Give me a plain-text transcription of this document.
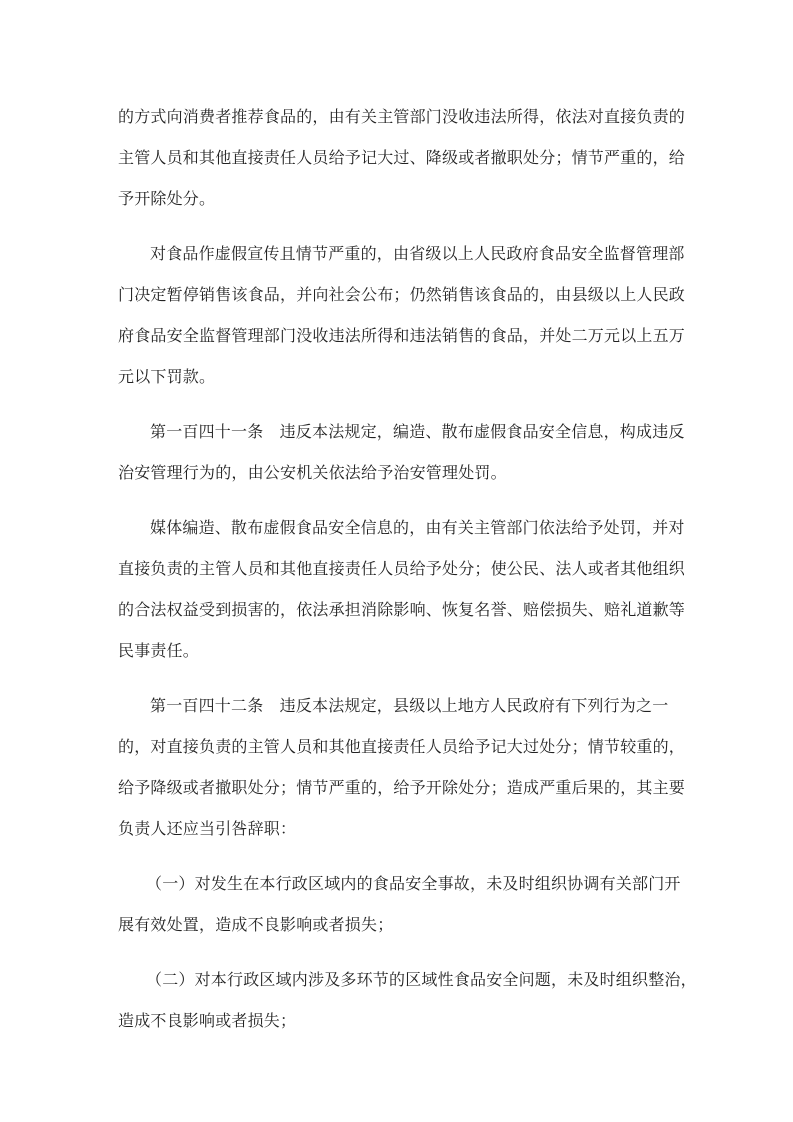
的方式向消费者推荐食品的，由有关主管部门没收违法所得，依法对直接负责的
主管人员和其他直接责任人员给予记大过、降级或者撤职处分；情节严重的，给
予开除处分。
对食品作虚假宣传且情节严重的，由省级以上人民政府食品安全监督管理部
门决定暂停销售该食品，并向社会公布；仍然销售该食品的，由县级以上人民政
府食品安全监督管理部门没收违法所得和违法销售的食品，并处二万元以上五万
元以下罚款。
第一百四十一条　违反本法规定，编造、散布虚假食品安全信息，构成违反
治安管理行为的，由公安机关依法给予治安管理处罚。
媒体编造、散布虚假食品安全信息的，由有关主管部门依法给予处罚，并对
直接负责的主管人员和其他直接责任人员给予处分；使公民、法人或者其他组织
的合法权益受到损害的，依法承担消除影响、恢复名誉、赔偿损失、赔礼道歉等
民事责任。
第一百四十二条　违反本法规定，县级以上地方人民政府有下列行为之一
的，对直接负责的主管人员和其他直接责任人员给予记大过处分；情节较重的，
给予降级或者撤职处分；情节严重的，给予开除处分；造成严重后果的，其主要
负责人还应当引咎辞职：
（一）对发生在本行政区域内的食品安全事故，未及时组织协调有关部门开
展有效处置，造成不良影响或者损失；
（二）对本行政区域内涉及多环节的区域性食品安全问题，未及时组织整治，
造成不良影响或者损失；
